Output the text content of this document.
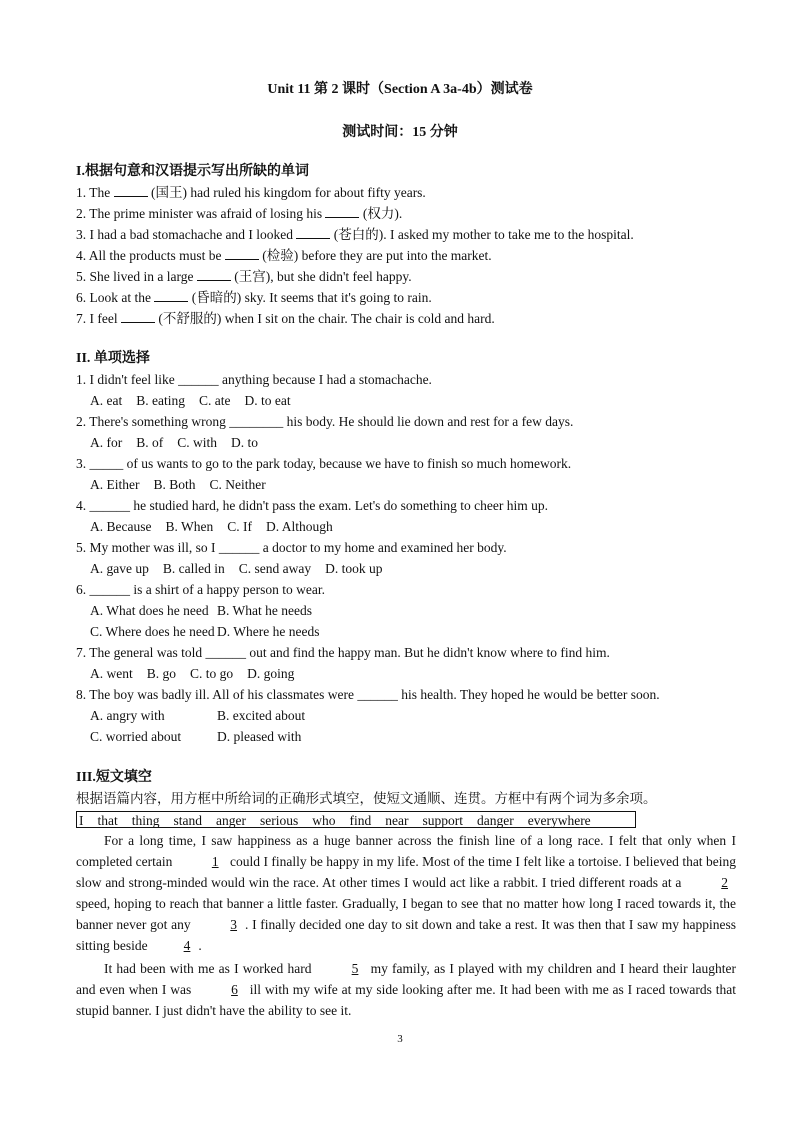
Unit 11 第 2 课时（Section A 3a-4b）测试卷
测试时间：15 分钟
I.根据句意和汉语提示写出所缺的单词
1. The	(国王) had ruled his kingdom for about fifty years.
2. The prime minister was afraid of losing his	(权力).
3. I had a bad stomachache and I looked	(苍白的). I asked my mother to take me to the hospital.
4. All the products must be	(检验) before they are put into the market.
5. She lived in a large	(王宫), but she didn't feel happy.
6. Look at the	(昏暗的) sky. It seems that it's going to rain.
7. I feel	(不舒服的) when I sit on the chair. The chair is cold and hard.
II. 单项选择
1. I didn't feel like ______ anything because I had a stomachache.
A. eat B. eating C. ate D. to eat
2. There's something wrong ________ his body. He should lie down and rest for a few days.
A. for B. of C. with D. to
3. _____ of us wants to go to the park today, because we have to finish so much homework.
A. Either B. Both C. Neither
4. ______ he studied hard, he didn't pass the exam. Let's do something to cheer him up.
A. Because B. When C. If D. Although
5. My mother was ill, so I ______ a doctor to my home and examined her body.
A. gave up B. called in C. send away D. took up
6. ______ is a shirt of a happy person to wear.
A. What does he need B. What he needs
C. Where does he need D. Where he needs
7. The general was told ______ out and find the happy man. But he didn't know where to find him.
A. went B. go C. to go D. going
8. The boy was badly ill. All of his classmates were ______ his health. They hoped he would be better soon.
A. angry with	B. excited about
C. worried about	D. pleased with
III.短文填空
根据语篇内容，用方框中所给词的正确形式填空，使短文通顺、连贯。方框中有两个词为多余项。
I that thing stand anger serious who find near support danger everywhere
For a long time, I saw happiness as a huge banner across the finish line of a long race. I felt that only when I completed certain	1 could I finally be happy in my life. Most of the time I felt like a tortoise. I believed that being slow and strong-minded would win the race. At other times I would act like a rabbit. I tried different roads at a	2speed, hoping to reach that banner a little faster. Gradually, I began to see that no matter how long I raced towards it, the banner never got any	3 . I finally decided one day to sit down and take a rest. It was then that I saw my happiness sitting beside	4 .
It had been with me as I worked hard	5 my family, as I played with my children and I heard their laughter and even when I was	6 ill with my wife at my side looking after me. It had been with me as I raced towards that stupid banner. I just didn't have the ability to see it.
3
